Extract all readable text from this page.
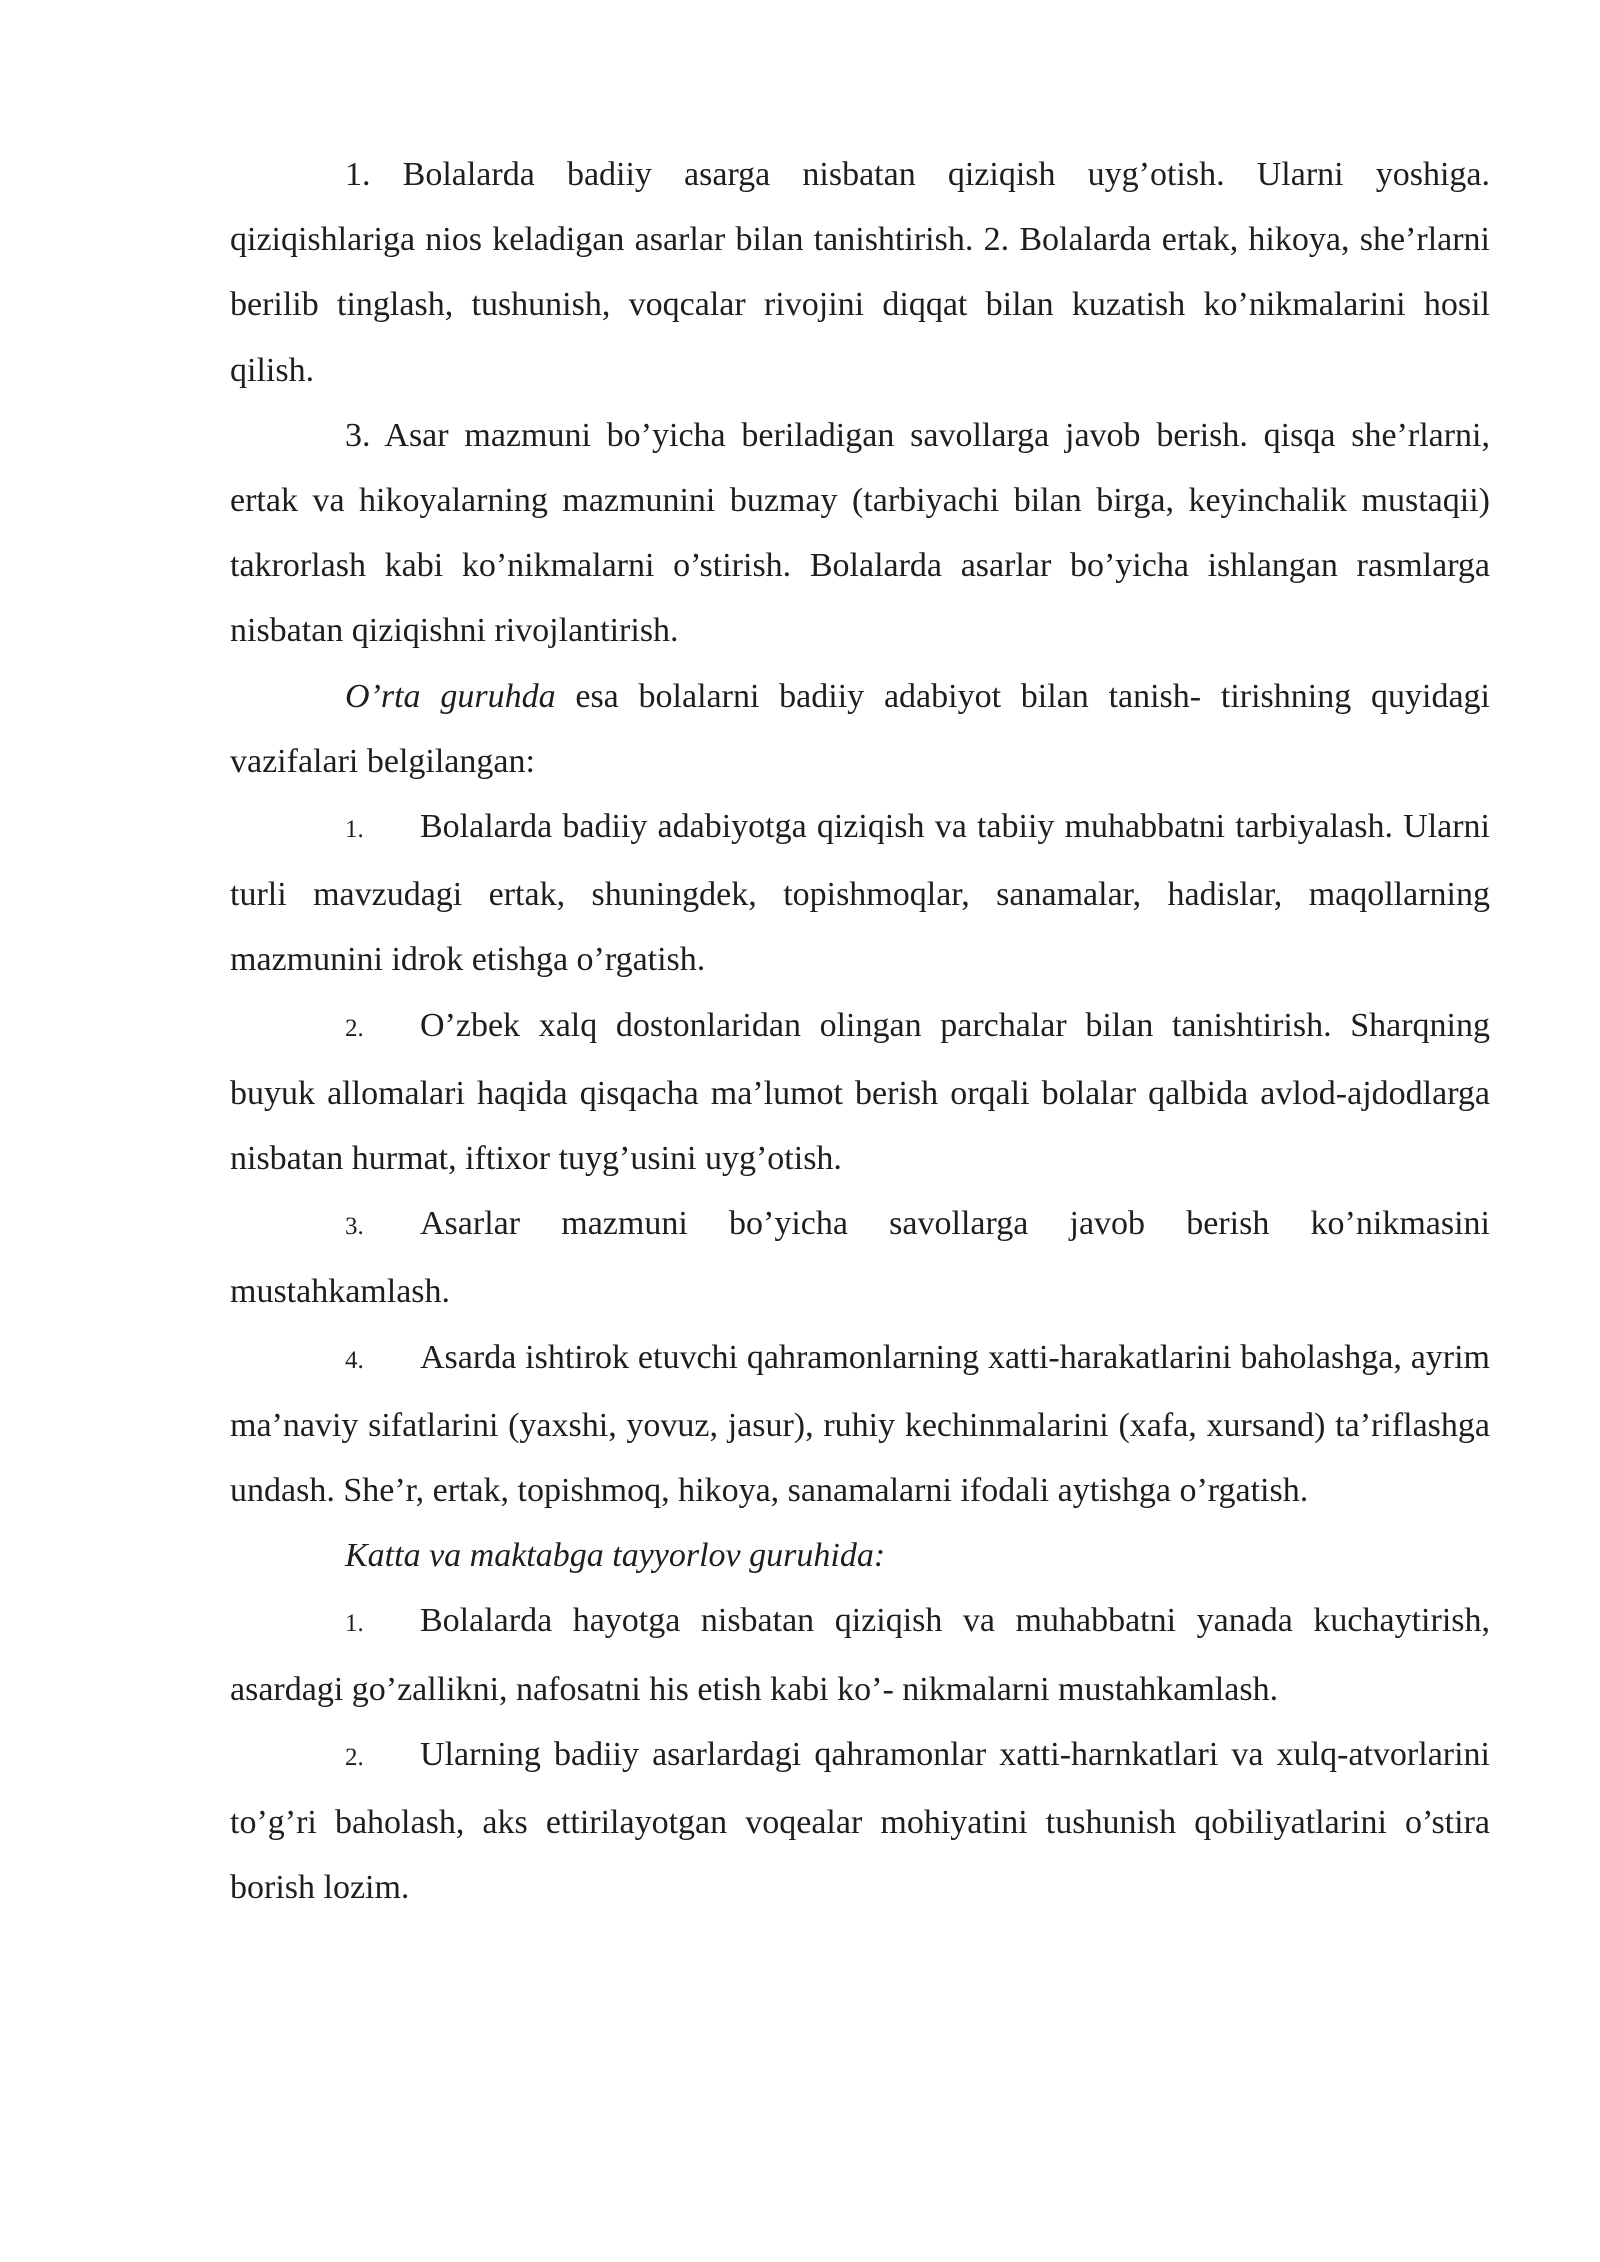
1. Bolalarda badiiy asarga nisbatan qiziqish uyg’otish. Ularni yoshiga. qiziqishlariga nios keladigan asarlar bilan tanishtirish. 2. Bolalarda ertak, hikoya, she’rlarni berilib tinglash, tushunish, voqcalar rivojini diqqat bilan kuzatish ko’nikmalarini hosil qilish.

3. Asar mazmuni bo’yicha beriladigan savollarga javob berish. qisqa she’rlarni, ertak va hikoyalarning mazmunini buzmay (tarbiyachi bilan birga, keyinchalik mustaqii) takrorlash kabi ko’nikmalarni o’stirish. Bolalarda asarlar bo’yicha ishlangan rasmlarga nisbatan qiziqishni rivojlantirish.

O’rta guruhda esa bolalarni badiiy adabiyot bilan tanish- tirishning quyidagi vazifalari belgilangan:

1. Bolalarda badiiy adabiyotga qiziqish va tabiiy muhabbatni tarbiyalash. Ularni turli mavzudagi ertak, shuningdek, topishmoqlar, sanamalar, hadislar, maqollarning mazmunini idrok etishga o’rgatish.

2. O’zbek xalq dostonlaridan olingan parchalar bilan tanishtirish. Sharqning buyuk allomalari haqida qisqacha ma’lumot berish orqali bolalar qalbida avlod-ajdodlarga nisbatan hurmat, iftixor tuyg’usini uyg’otish.

3. Asarlar mazmuni bo’yicha savollarga javob berish ko’nikmasini mustahkamlash.

4. Asarda ishtirok etuvchi qahramonlarning xatti-harakatlarini baholashga, ayrim ma’naviy sifatlarini (yaxshi, yovuz, jasur), ruhiy kechinmalarini (xafa, xursand) ta’riflashga undash. She’r, ertak, topishmoq, hikoya, sanamalarni ifodali aytishga o’rgatish.

Katta va maktabga tayyorlov guruhida:

1. Bolalarda hayotga nisbatan qiziqish va muhabbatni yanada kuchaytirish, asardagi go’zallikni, nafosatni his etish kabi ko’- nikmalarni mustahkamlash.

2. Ularning badiiy asarlardagi qahramonlar xatti-harnkatlari va xulq-atvorlarini to’g’ri baholash, aks ettirilayotgan voqealar mohiyatini tushunish qobiliyatlarini o’stira borish lozim.
